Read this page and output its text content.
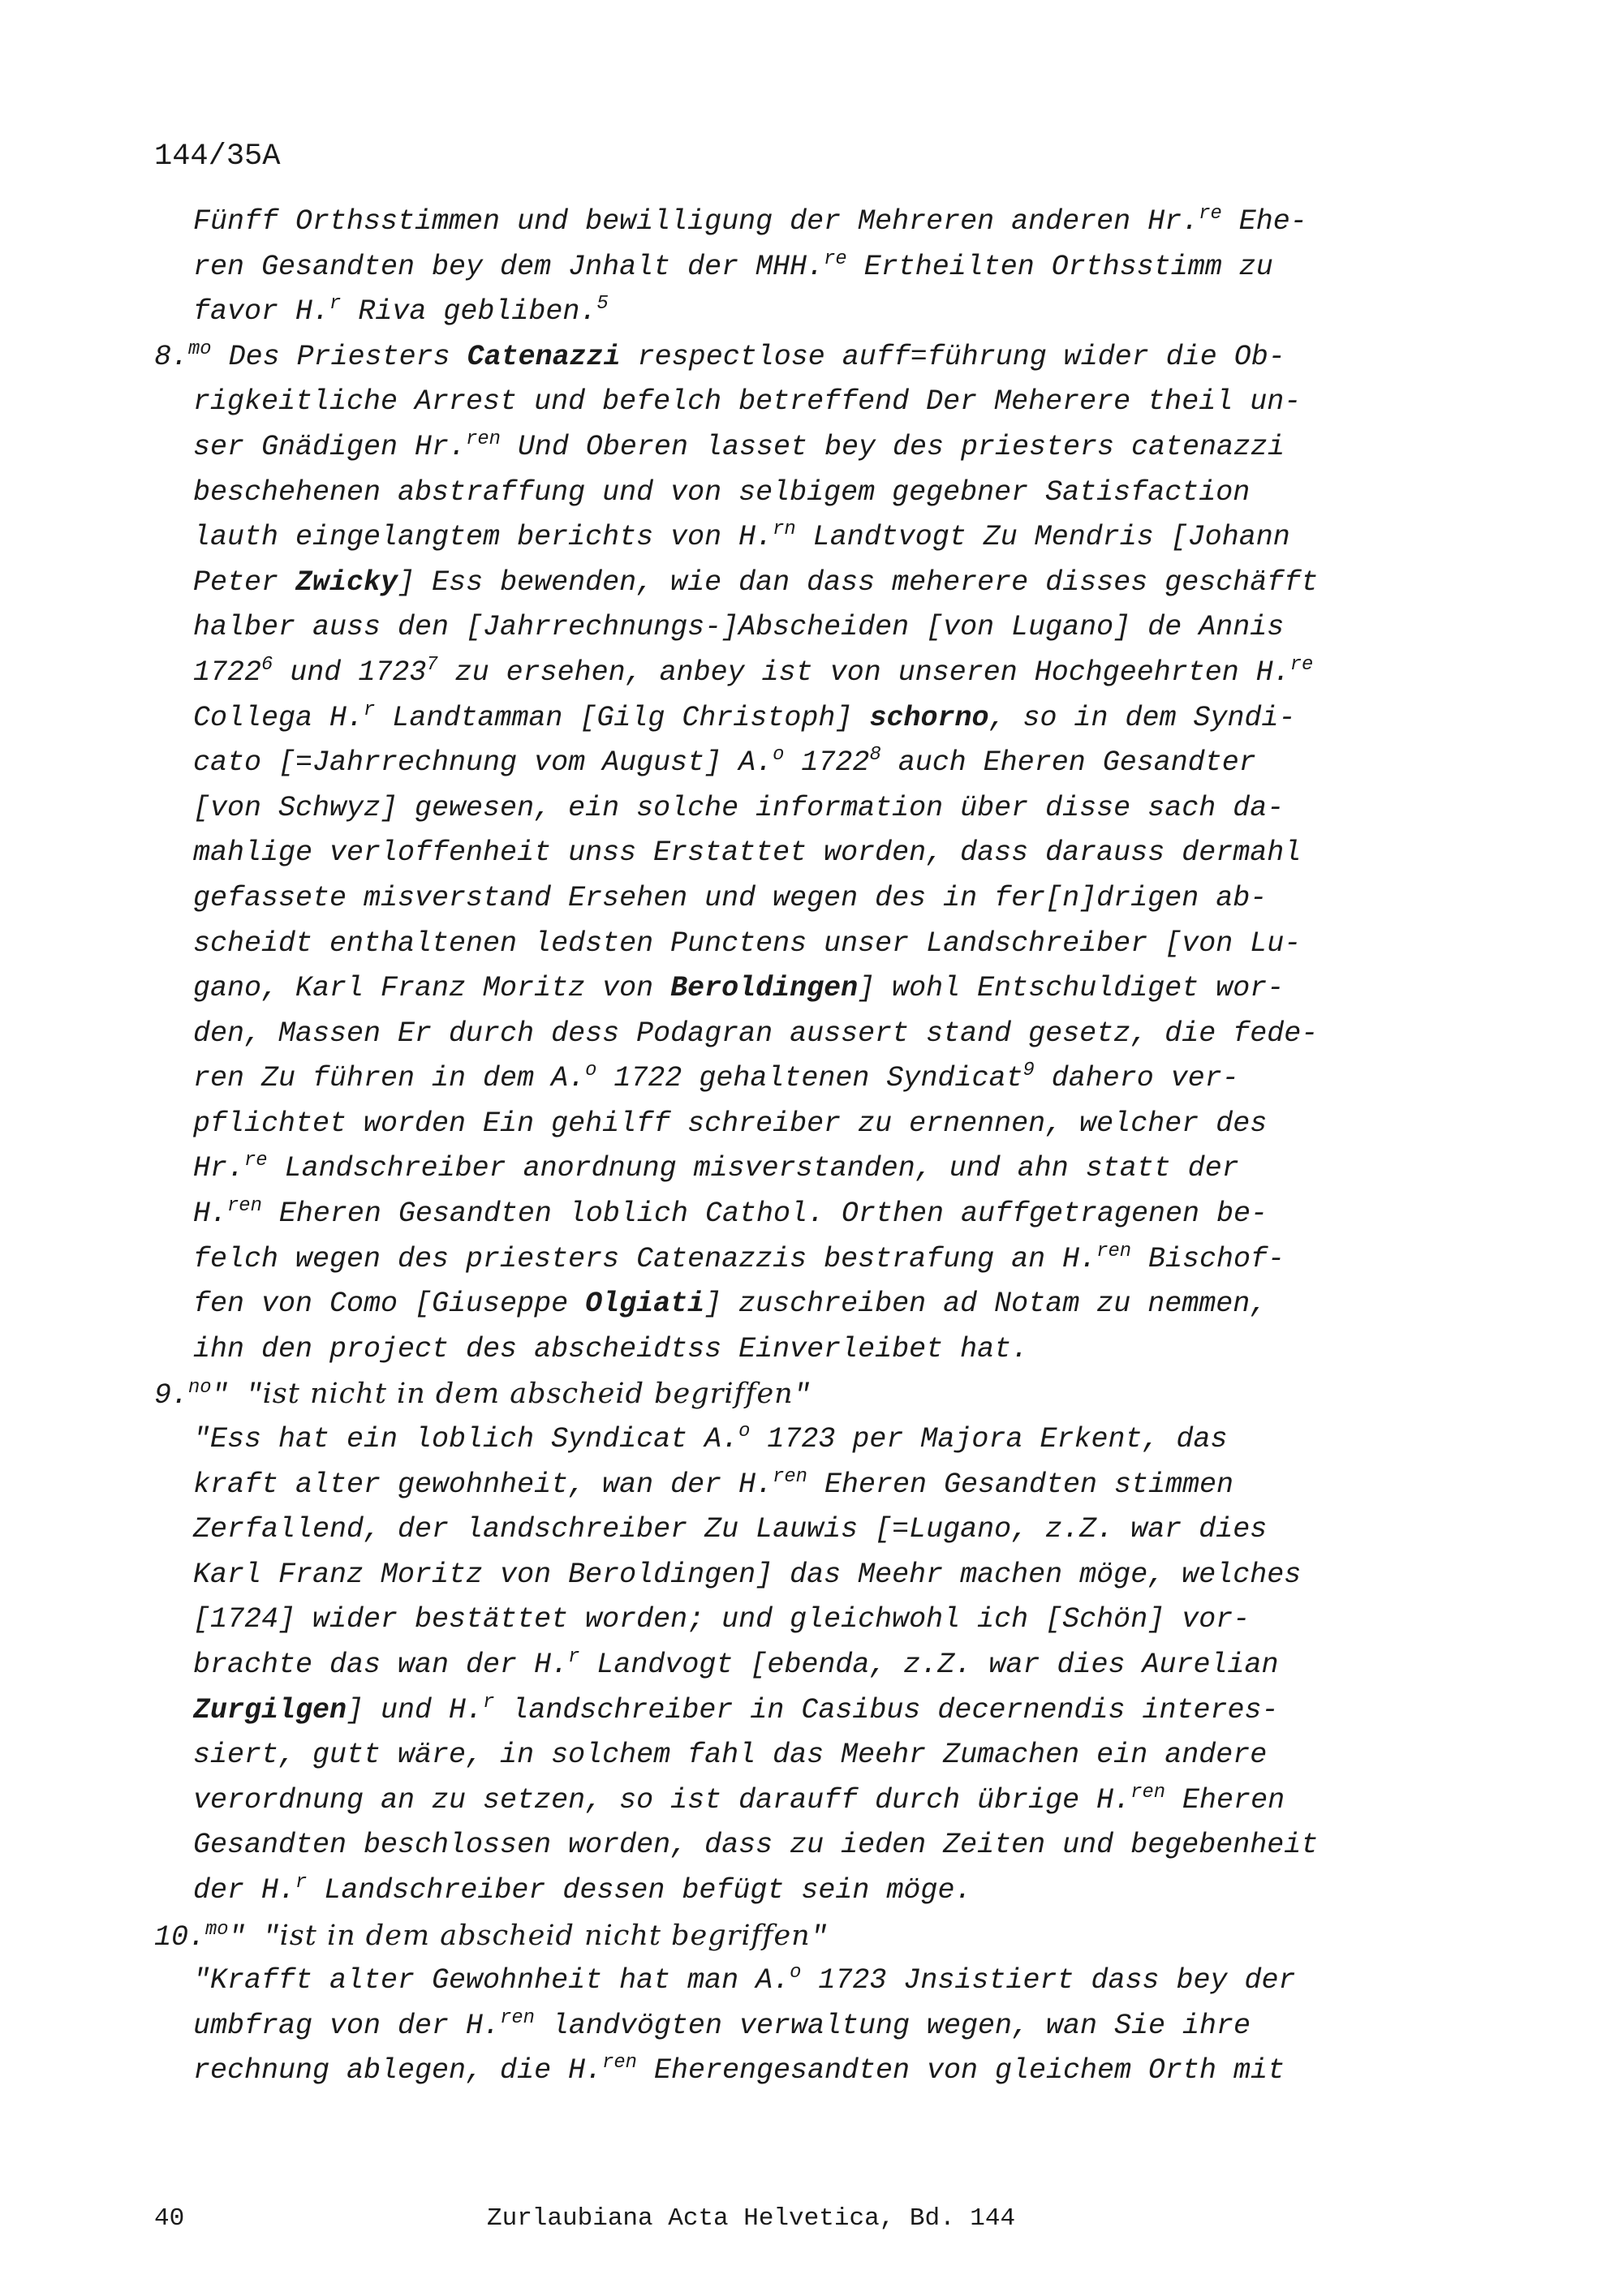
144/35A
Fünff Orthsstimmen und bewilligung der Mehreren anderen Hr.$^{re}$ Ehe-
ren Gesandten bey dem Jnhalt der MHH.$^{re}$ Ertheilten Orthsstimm zu
favor H.$^r$ Riva gebliben.$^5$
8.$^{mo}$ Des Priesters Catenazzi respectlose auff=führung wider die Ob-
rigkeitliche Arrest und befelch betreffend Der Meherere theil un-
ser Gnädigen Hr.$^{ren}$ Und Oberen lasset bey des priesters catenazzi
beschehenen abstraffung und von selbigem gegebner Satisfaction
lauth eingelangtem berichts von H.$^{rn}$ Landtvogt Zu Mendris [Johann
Peter Zwicky] Ess bewenden, wie dan dass meherere disses geschäfft
halber auss den [Jahrrechnungs-]Abscheiden [von Lugano] de Annis
1722$^6$ und 1723$^7$ zu ersehen, anbey ist von unseren Hochgeehrten H.$^{re}$
Collega H.$^r$ Landtamman [Gilg Christoph] schorno, so in dem Syndi-
cato [=Jahrrechnung vom August] A.$^o$ 1722$^8$ auch Eheren Gesandter
[von Schwyz] gewesen, ein solche information über disse sach da-
mahlige verloffenheit unss Erstattet worden, dass darauss dermahl
gefassete misverstand Ersehen und wegen des in fer[n]drigen ab-
scheidt enthaltenen ledsten Punctens unser Landschreiber [von Lu-
gano, Karl Franz Moritz von Beroldingen] wohl Entschuldiget wor-
den, Massen Er durch dess Podagran aussert stand gesetz, die fede-
ren Zu führen in dem A.$^o$ 1722 gehaltenen Syndicat$^9$ dahero ver-
pflichtet worden Ein gehilff schreiber zu ernennen, welcher des
Hr.$^{re}$ Landschreiber anordnung misverstanden, und ahn statt der
H.$^{ren}$ Eheren Gesandten loblich Cathol. Orthen auffgetragenen be-
felch wegen des priesters Catenazzis bestrafung an H.$^{ren}$ Bischof-
fen von Como [Giuseppe Olgiati] zuschreiben ad Notam zu nemmen,
ihn den project des abscheidtss Einverleibet hat.
9.$^{no}$" "ist nicht in dem abscheid begriffen"
"Ess hat ein loblich Syndicat A.$^o$ 1723 per Majora Erkent, das
kraft alter gewohnheit, wan der H.$^{ren}$ Eheren Gesandten stimmen
Zerfallend, der landschreiber Zu Lauwis [=Lugano, z.Z. war dies
Karl Franz Moritz von Beroldingen] das Meehr machen möge, welches
[1724] wider bestättet worden; und gleichwohl ich [Schön] vor-
brachte das wan der H.$^r$ Landvogt [ebenda, z.Z. war dies Aurelian
Zurgilgen] und H.$^r$ landschreiber in Casibus decernendis interes-
siert, gutt wäre, in solchem fahl das Meehr Zumachen ein andere
verordnung an zu setzen, so ist darauff durch übrige H.$^{ren}$ Eheren
Gesandten beschlossen worden, dass zu ieden Zeiten und begebenheit
der H.$^r$ Landschreiber dessen befügt sein möge.
10.$^{mo}$" "ist in dem abscheid nicht begriffen"
"Krafft alter Gewohnheit hat man A.$^o$ 1723 Jnsistiert dass bey der
umbfrag von der H.$^{ren}$ landvögten verwaltung wegen, wan Sie ihre
rechnung ablegen, die H.$^{ren}$ Eherengesandten von gleichem Orth mit
40	Zurlaubiana Acta Helvetica, Bd. 144
